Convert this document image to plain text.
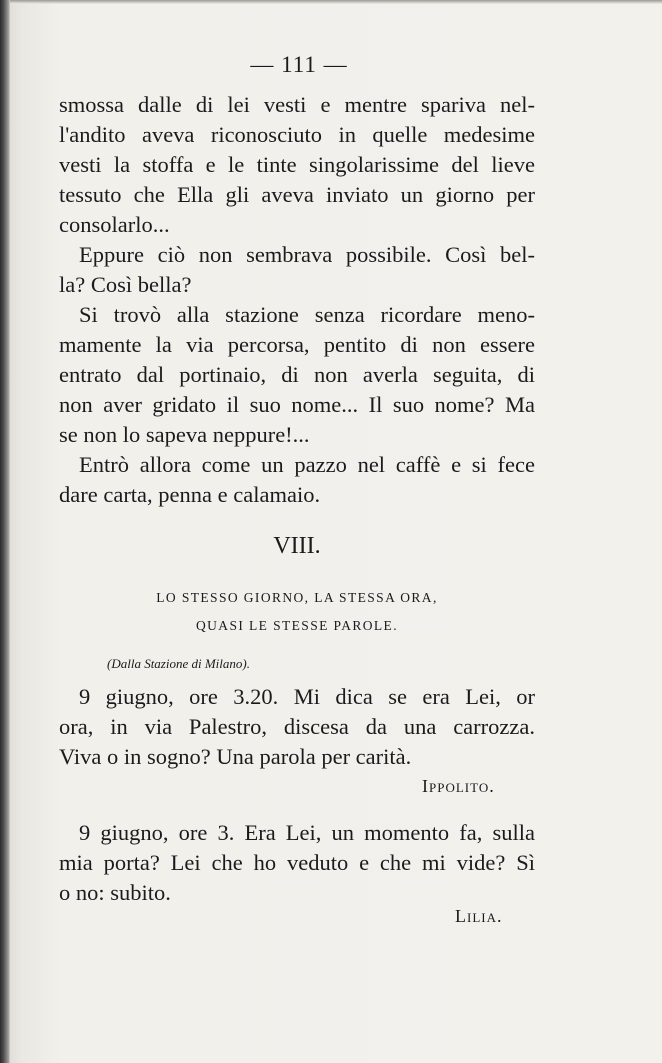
— 111 —
smossa dalle di lei vesti e mentre spariva nel-
l'andito aveva riconosciuto in quelle medesime
vesti la stoffa e le tinte singolarissime del lieve
tessuto che Ella gli aveva inviato un giorno per
consolarlo...
Eppure ciò non sembrava possibile. Così bel-
la? Così bella?
Si trovò alla stazione senza ricordare meno-
mamente la via percorsa, pentito di non essere
entrato dal portinaio, di non averla seguita, di
non aver gridato il suo nome... Il suo nome? Ma
se non lo sapeva neppure!...
Entrò allora come un pazzo nel caffè e si fece
dare carta, penna e calamaio.
VIII.
LO STESSO GIORNO, LA STESSA ORA,
QUASI LE STESSE PAROLE.
(Dalla Stazione di Milano).
9 giugno, ore 3.20. Mi dica se era Lei, or
ora, in via Palestro, discesa da una carrozza.
Viva o in sogno? Una parola per carità.
Ippolito.
9 giugno, ore 3. Era Lei, un momento fa, sulla
mia porta? Lei che ho veduto e che mi vide? Sì
o no: subito.
Lilia.
